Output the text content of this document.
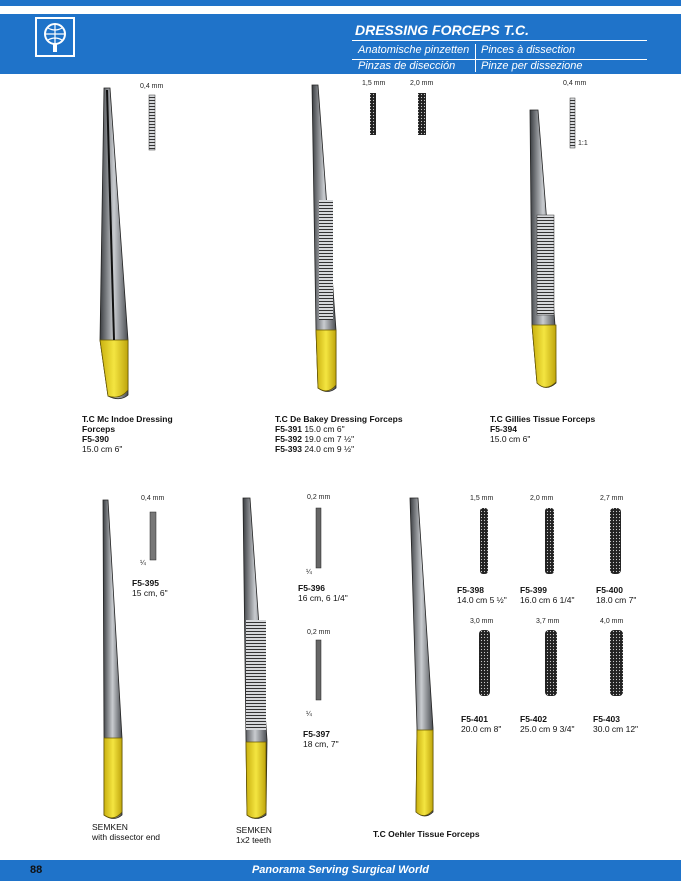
DRESSING FORCEPS T.C.
Anatomische pinzetten Pinces à dissection
Pinzas de disección Pinze per dissezione
0,4 mm	1,5 mm	2,0 mm	0,4 mm
1:1
0,4 mm
¼
0,2 mm
¼
0,2 mm
¼
1,5 mm	2,0 mm	2,7 mm
3,0 mm	3,7 mm	4,0 mm
T.C Mc Indoe Dressing Forceps
F5-390
15.0 cm 6"
T.C De Bakey Dressing Forceps
F5-391 15.0 cm 6"
F5-392 19.0 cm 7 ½"
F5-393 24.0 cm 9 ½"
T.C Gillies Tissue Forceps
F5-394
15.0 cm 6"
F5-395
15 cm, 6"
SEMKEN
with dissector end
SEMKEN
1x2 teeth
F5-396
16 cm, 6 1/4"
F5-397
18 cm, 7"
T.C Oehler Tissue Forceps
F5-398
14.0 cm 5 ½"
F5-399
16.0 cm 6 1/4"
F5-400
18.0 cm 7"
F5-401
20.0 cm 8"
F5-402
25.0 cm 9 3/4"
F5-403
30.0 cm 12"
88	Panorama Serving Surgical World
